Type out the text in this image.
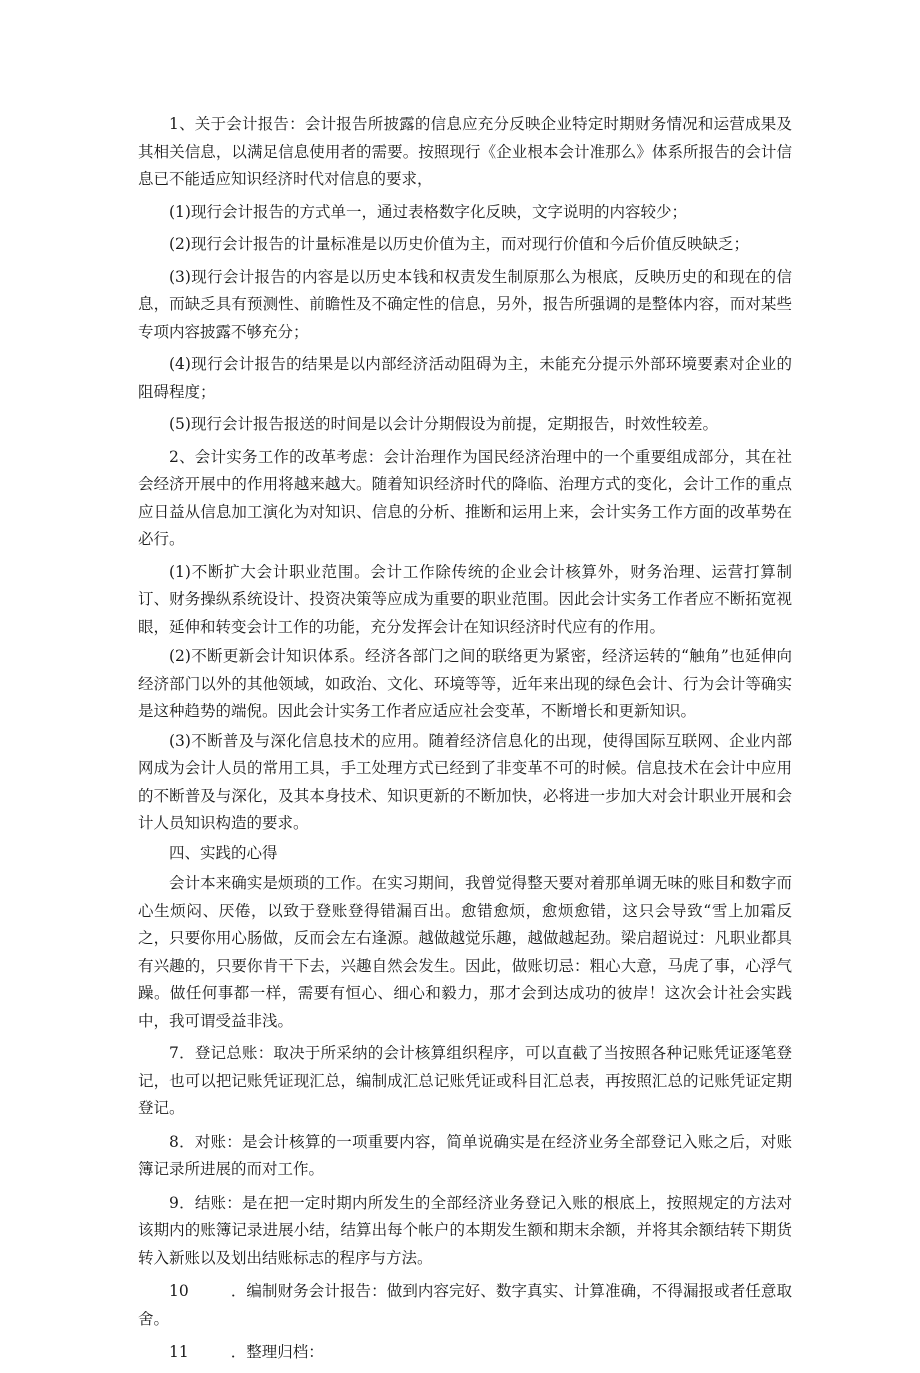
1、关于会计报告：会计报告所披露的信息应充分反映企业特定时期财务情况和运营成果及其相关信息，以满足信息使用者的需要。按照现行《企业根本会计准那么》体系所报告的会计信息已不能适应知识经济时代对信息的要求，

(1)现行会计报告的方式单一，通过表格数字化反映，文字说明的内容较少；

(2)现行会计报告的计量标准是以历史价值为主，而对现行价值和今后价值反映缺乏；

(3)现行会计报告的内容是以历史本钱和权责发生制原那么为根底，反映历史的和现在的信息，而缺乏具有预测性、前瞻性及不确定性的信息，另外，报告所强调的是整体内容，而对某些专项内容披露不够充分；

(4)现行会计报告的结果是以内部经济活动阻碍为主，未能充分提示外部环境要素对企业的阻碍程度；

(5)现行会计报告报送的时间是以会计分期假设为前提，定期报告，时效性较差。

2、会计实务工作的改革考虑：会计治理作为国民经济治理中的一个重要组成部分，其在社会经济开展中的作用将越来越大。随着知识经济时代的降临、治理方式的变化，会计工作的重点应日益从信息加工演化为对知识、信息的分析、推断和运用上来，会计实务工作方面的改革势在必行。

(1)不断扩大会计职业范围。会计工作除传统的企业会计核算外，财务治理、运营打算制订、财务操纵系统设计、投资决策等应成为重要的职业范围。因此会计实务工作者应不断拓宽视眼，延伸和转变会计工作的功能，充分发挥会计在知识经济时代应有的作用。

(2)不断更新会计知识体系。经济各部门之间的联络更为紧密，经济运转的“触角”也延伸向经济部门以外的其他领域，如政治、文化、环境等等，近年来出现的绿色会计、行为会计等确实是这种趋势的端倪。因此会计实务工作者应适应社会变革，不断增长和更新知识。

(3)不断普及与深化信息技术的应用。随着经济信息化的出现，使得国际互联网、企业内部网成为会计人员的常用工具，手工处理方式已经到了非变革不可的时候。信息技术在会计中应用的不断普及与深化，及其本身技术、知识更新的不断加快，必将进一步加大对会计职业开展和会计人员知识构造的要求。

四、实践的心得

会计本来确实是烦琐的工作。在实习期间，我曾觉得整天要对着那单调无味的账目和数字而心生烦闷、厌倦，以致于登账登得错漏百出。愈错愈烦，愈烦愈错，这只会导致“雪上加霜反之，只要你用心肠做，反而会左右逢源。越做越觉乐趣，越做越起劲。梁启超说过：凡职业都具有兴趣的，只要你肯干下去，兴趣自然会发生。因此，做账切忌：粗心大意，马虎了事，心浮气躁。做任何事都一样，需要有恒心、细心和毅力，那才会到达成功的彼岸！这次会计社会实践中，我可谓受益非浅。

7．登记总账：取决于所采纳的会计核算组织程序，可以直截了当按照各种记账凭证逐笔登记，也可以把记账凭证现汇总，编制成汇总记账凭证或科目汇总表，再按照汇总的记账凭证定期登记。

8．对账：是会计核算的一项重要内容，简单说确实是在经济业务全部登记入账之后，对账簿记录所进展的而对工作。

9．结账：是在把一定时期内所发生的全部经济业务登记入账的根底上，按照规定的方法对该期内的账簿记录进展小结，结算出每个帐户的本期发生额和期末余额，并将其余额结转下期货转入新账以及划出结账标志的程序与方法。

10	．编制财务会计报告：做到内容完好、数字真实、计算准确，不得漏报或者任意取舍。

11	．整理归档：
